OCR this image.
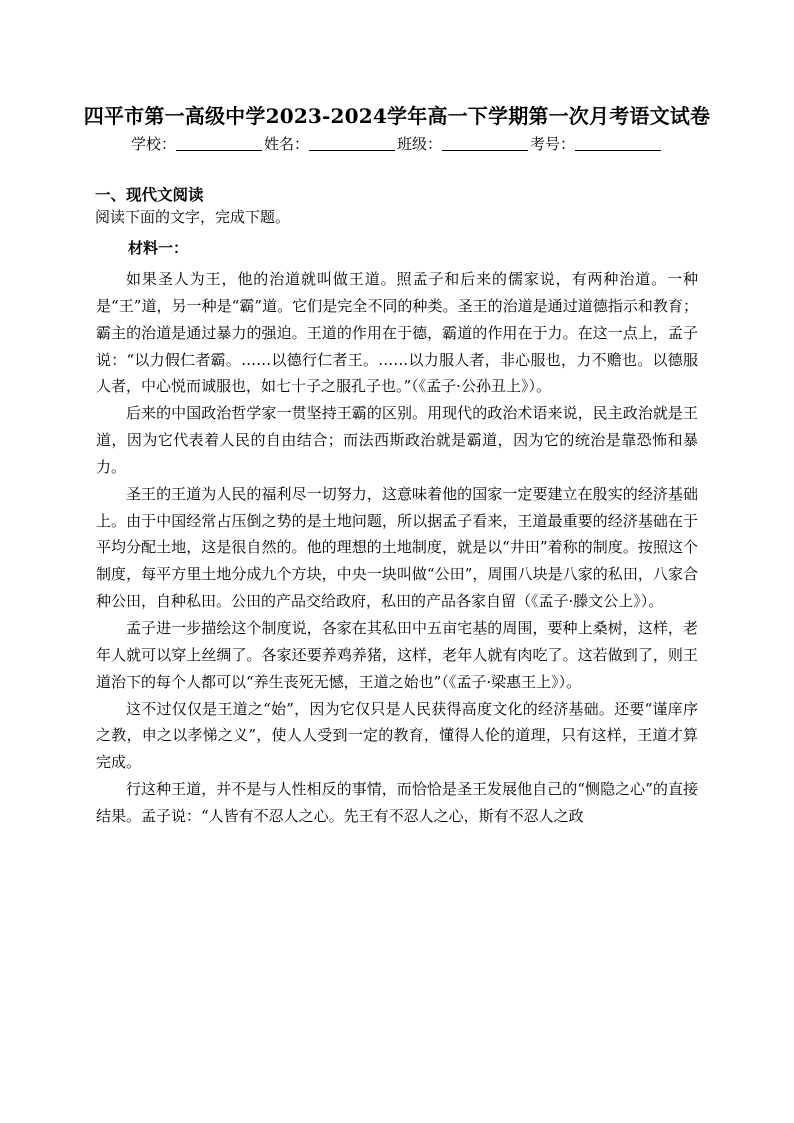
四平市第一高级中学2023-2024学年高一下学期第一次月考语文试卷
学校：	姓名：	班级：	考号：
一、现代文阅读
阅读下面的文字，完成下题。
材料一：

如果圣人为王，他的治道就叫做王道。照孟子和后来的儒家说，有两种治道。一种是“王”道，另一种是“霸”道。它们是完全不同的种类。圣王的治道是通过道德指示和教育；霸主的治道是通过暴力的强迫。王道的作用在于德，霸道的作用在于力。在这一点上，孟子说：“以力假仁者霸。……以德行仁者王。……以力服人者，非心服也，力不赡也。以德服人者，中心悦而诚服也，如七十子之服孔子也。”（《孟子·公孙丑上》）。

后来的中国政治哲学家一贯坚持王霸的区别。用现代的政治术语来说，民主政治就是王道，因为它代表着人民的自由结合；而法西斯政治就是霸道，因为它的统治是靠恐怖和暴力。

圣王的王道为人民的福利尽一切努力，这意味着他的国家一定要建立在殷实的经济基础上。由于中国经常占压倒之势的是土地问题，所以据孟子看来，王道最重要的经济基础在于平均分配土地，这是很自然的。他的理想的土地制度，就是以“井田”着称的制度。按照这个制度，每平方里土地分成九个方块，中央一块叫做“公田”，周围八块是八家的私田，八家合种公田，自种私田。公田的产品交给政府，私田的产品各家自留（《孟子·滕文公上》）。

孟子进一步描绘这个制度说，各家在其私田中五亩宅基的周围，要种上桑树，这样，老年人就可以穿上丝绸了。各家还要养鸡养猪，这样，老年人就有肉吃了。这若做到了，则王道治下的每个人都可以“养生丧死无憾，王道之始也”（《孟子·梁惠王上》）。

这不过仅仅是王道之“始”，因为它仅只是人民获得高度文化的经济基础。还要“谨庠序之教，申之以孝悌之义”，使人人受到一定的教育，懂得人伦的道理，只有这样，王道才算完成。

行这种王道，并不是与人性相反的事情，而恰恰是圣王发展他自己的“恻隐之心”的直接结果。孟子说：“人皆有不忍人之心。先王有不忍人之心，斯有不忍人之政
